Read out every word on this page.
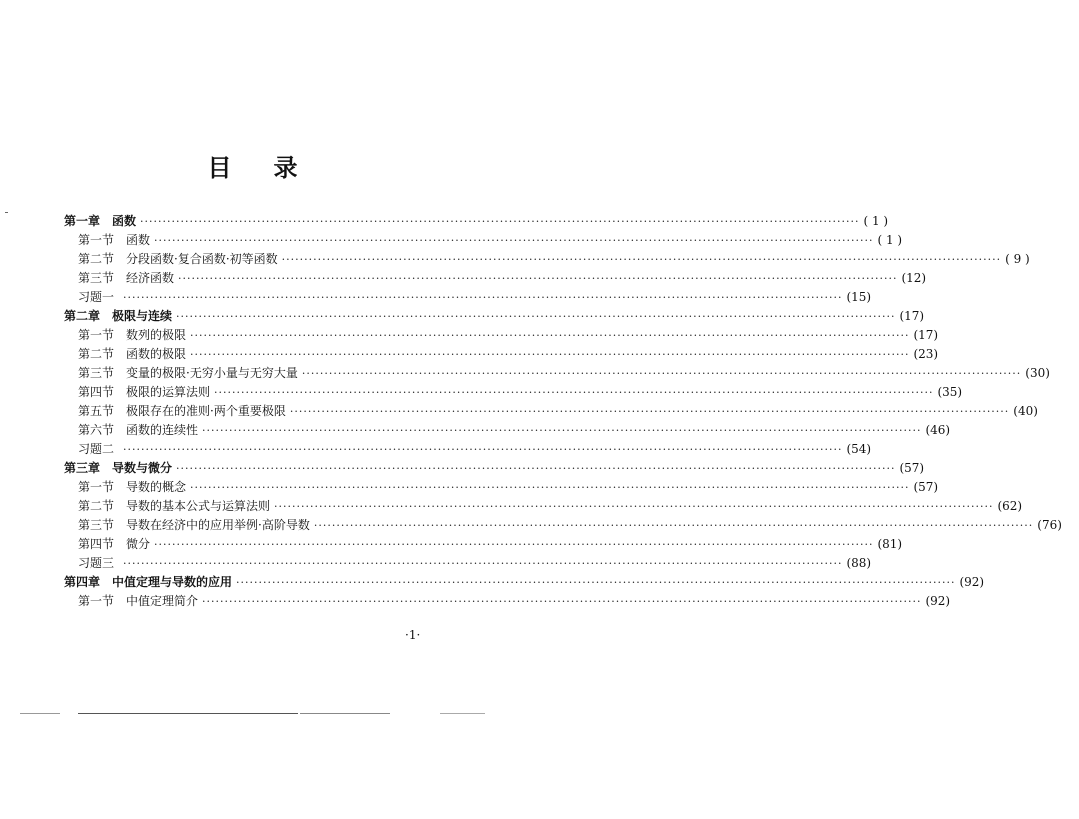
目 录
第一章 函数 ································································································································································ ( 1 )
第一节 函数 ································································································································································ ( 1 )
第二节 分段函数·复合函数·初等函数 ································································································································································ ( 9 )
第三节 经济函数 ································································································································································ (12)
习题一 ································································································································································ (15)
第二章 极限与连续 ································································································································································ (17)
第一节 数列的极限 ································································································································································ (17)
第二节 函数的极限 ································································································································································ (23)
第三节 变量的极限·无穷小量与无穷大量 ································································································································································ (30)
第四节 极限的运算法则 ································································································································································ (35)
第五节 极限存在的准则·两个重要极限 ································································································································································ (40)
第六节 函数的连续性 ································································································································································ (46)
习题二 ································································································································································ (54)
第三章 导数与微分 ································································································································································ (57)
第一节 导数的概念 ································································································································································ (57)
第二节 导数的基本公式与运算法则 ································································································································································ (62)
第三节 导数在经济中的应用举例·高阶导数 ································································································································································ (76)
第四节 微分 ································································································································································ (81)
习题三 ································································································································································ (88)
第四章 中值定理与导数的应用 ································································································································································ (92)
第一节 中值定理简介 ································································································································································ (92)
·1·
